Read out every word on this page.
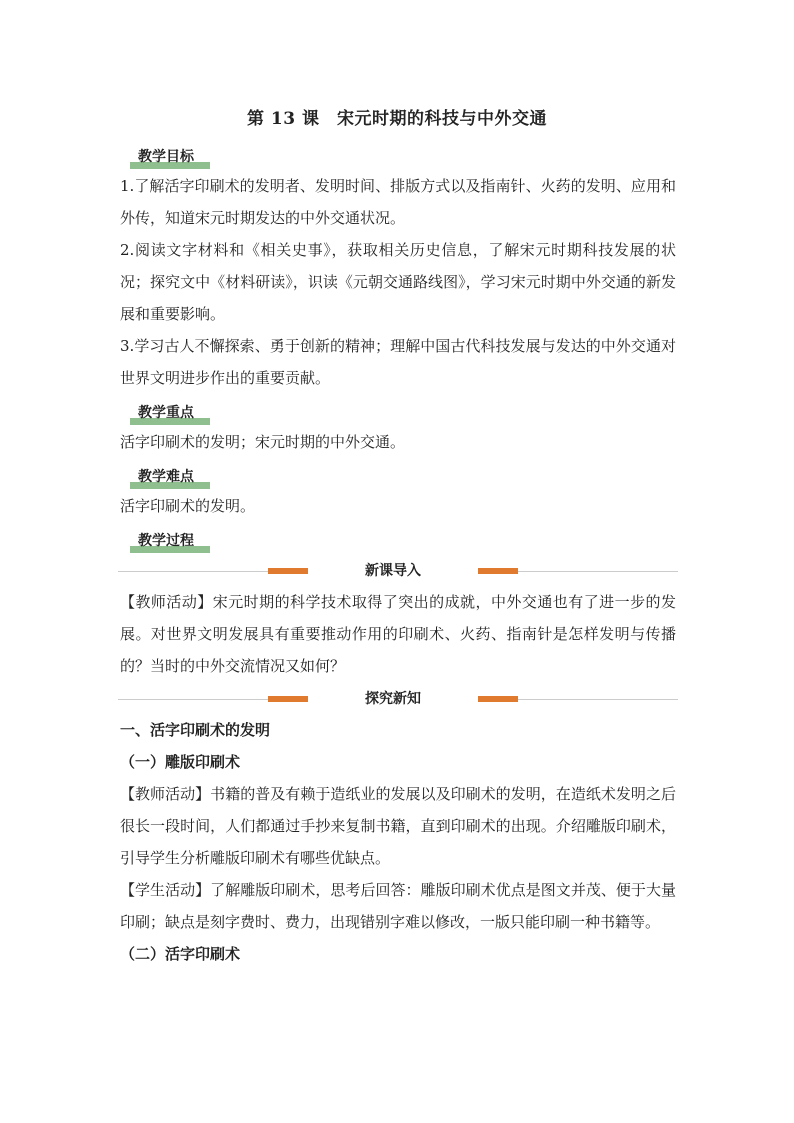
第 13 课　宋元时期的科技与中外交通
教学目标

1.了解活字印刷术的发明者、发明时间、排版方式以及指南针、火药的发明、应用和外传，知道宋元时期发达的中外交通状况。

2.阅读文字材料和《相关史事》，获取相关历史信息，了解宋元时期科技发展的状况；探究文中《材料研读》，识读《元朝交通路线图》，学习宋元时期中外交通的新发展和重要影响。

3.学习古人不懈探索、勇于创新的精神；理解中国古代科技发展与发达的中外交通对世界文明进步作出的重要贡献。

教学重点

活字印刷术的发明；宋元时期的中外交通。

教学难点

活字印刷术的发明。

教学过程
新课导入

【教师活动】宋元时期的科学技术取得了突出的成就，中外交通也有了进一步的发展。对世界文明发展具有重要推动作用的印刷术、火药、指南针是怎样发明与传播的？当时的中外交流情况又如何？

探究新知
一、活字印刷术的发明
（一）雕版印刷术

【教师活动】书籍的普及有赖于造纸业的发展以及印刷术的发明，在造纸术发明之后很长一段时间，人们都通过手抄来复制书籍，直到印刷术的出现。介绍雕版印刷术，引导学生分析雕版印刷术有哪些优缺点。

【学生活动】了解雕版印刷术，思考后回答：雕版印刷术优点是图文并茂、便于大量印刷；缺点是刻字费时、费力，出现错别字难以修改，一版只能印刷一种书籍等。

（二）活字印刷术
